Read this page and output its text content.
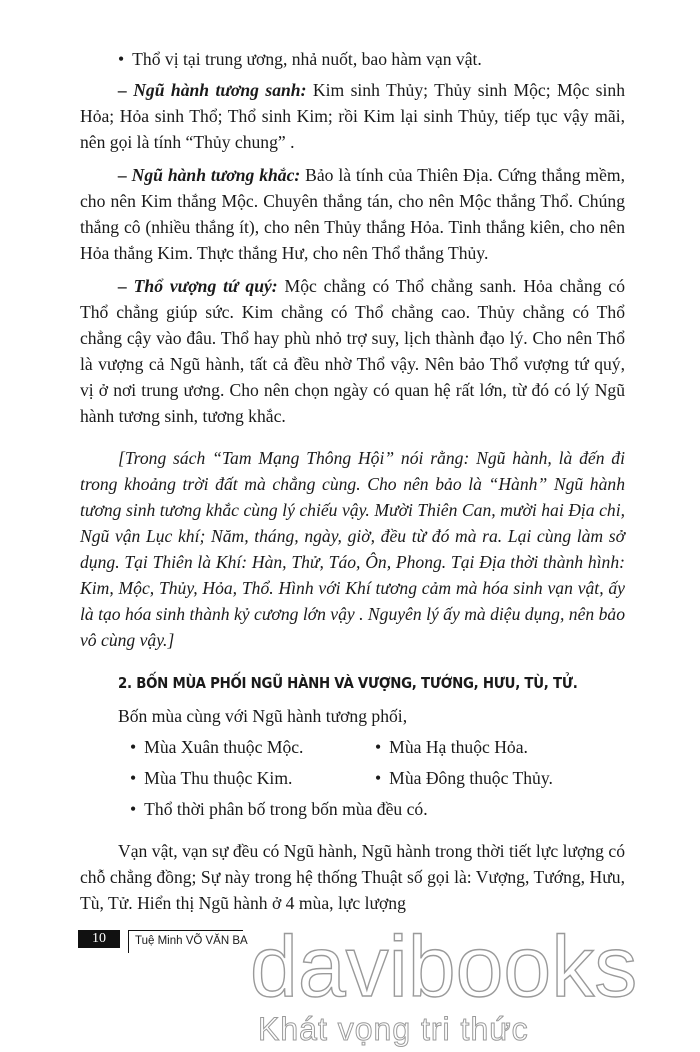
• Thổ vị tại trung ương, nhả nuốt, bao hàm vạn vật.
– Ngũ hành tương sanh: Kim sinh Thủy; Thủy sinh Mộc; Mộc sinh Hỏa; Hỏa sinh Thổ; Thổ sinh Kim; rồi Kim lại sinh Thủy, tiếp tục vậy mãi, nên gọi là tính “Thủy chung” .
– Ngũ hành tương khắc: Bảo là tính của Thiên Địa. Cứng thắng mềm, cho nên Kim thắng Mộc. Chuyên thắng tán, cho nên Mộc thắng Thổ. Chúng thắng cô (nhiều thắng ít), cho nên Thủy thắng Hỏa. Tinh thắng kiên, cho nên Hỏa thắng Kim. Thực thắng Hư, cho nên Thổ thắng Thủy.
– Thổ vượng tứ quý: Mộc chẳng có Thổ chẳng sanh. Hỏa chẳng có Thổ chẳng giúp sức. Kim chẳng có Thổ chẳng cao. Thủy chẳng có Thổ chẳng cậy vào đâu. Thổ hay phù nhỏ trợ suy, lịch thành đạo lý. Cho nên Thổ là vượng cả Ngũ hành, tất cả đều nhờ Thổ vậy. Nên bảo Thổ vượng tứ quý, vị ở nơi trung ương. Cho nên chọn ngày có quan hệ rất lớn, từ đó có lý Ngũ hành tương sinh, tương khắc.
[Trong sách “Tam Mạng Thông Hội” nói rằng: Ngũ hành, là đến đi trong khoảng trời đất mà chẳng cùng. Cho nên bảo là “Hành” Ngũ hành tương sinh tương khắc cùng lý chiếu vậy. Mười Thiên Can, mười hai Địa chi, Ngũ vận Lục khí; Năm, tháng, ngày, giờ, đều từ đó mà ra. Lại cùng làm sở dụng. Tại Thiên là Khí: Hàn, Thử, Táo, Ôn, Phong. Tại Địa thời thành hình: Kim, Mộc, Thủy, Hỏa, Thổ. Hình với Khí tương cảm mà hóa sinh vạn vật, ấy là tạo hóa sinh thành kỷ cương lớn vậy . Nguyên lý ấy mà diệu dụng, nên bảo vô cùng vậy.]
2. BỐN MÙA PHỐI NGŨ HÀNH VÀ VƯỢNG, TƯỚNG, HƯU, TÙ, TỬ.
Bốn mùa cùng với Ngũ hành tương phối,
• Mùa Xuân thuộc Mộc.	• Mùa Hạ thuộc Hỏa.
• Mùa Thu thuộc Kim.	• Mùa Đông thuộc Thủy.
• Thổ thời phân bố trong bốn mùa đều có.
Vạn vật, vạn sự đều có Ngũ hành, Ngũ hành trong thời tiết lực lượng có chỗ chẳng đồng; Sự này trong hệ thống Thuật số gọi là: Vượng, Tướng, Hưu, Tù, Tử. Hiển thị Ngũ hành ở 4 mùa, lực lượng
10	Tuệ Minh VÕ VĂN BA davibooks
Khát vọng tri thức
